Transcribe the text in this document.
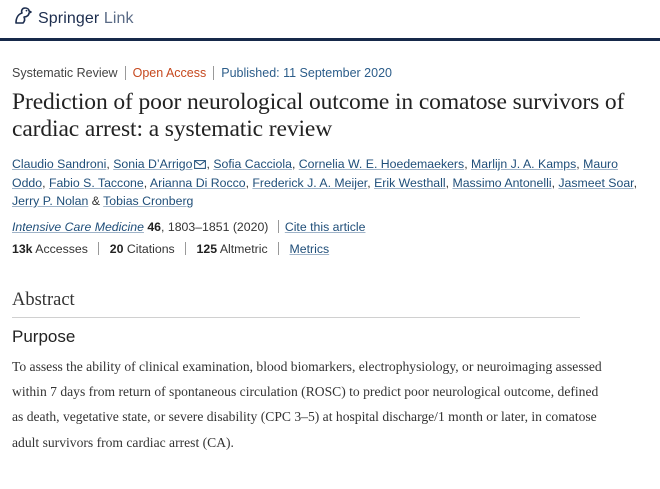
Springer Link
Systematic Review Open Access Published: 11 September 2020
Prediction of poor neurological outcome in comatose survivors of cardiac arrest: a systematic review
Claudio Sandroni, Sonia D’Arrigo , Sofia Cacciola, Cornelia W. E. Hoedemaekers, Marlijn J. A. Kamps, Mauro Oddo, Fabio S. Taccone, Arianna Di Rocco, Frederick J. A. Meijer, Erik Westhall, Massimo Antonelli, Jasmeet Soar, Jerry P. Nolan & Tobias Cronberg
Intensive Care Medicine 46, 1803–1851 (2020) Cite this article
13k Accesses 20 Citations 125 Altmetric Metrics
Abstract
Purpose
To assess the ability of clinical examination, blood biomarkers, electrophysiology, or neuroimaging assessed within 7 days from return of spontaneous circulation (ROSC) to predict poor neurological outcome, defined as death, vegetative state, or severe disability (CPC 3–5) at hospital discharge/1 month or later, in comatose adult survivors from cardiac arrest (CA).
